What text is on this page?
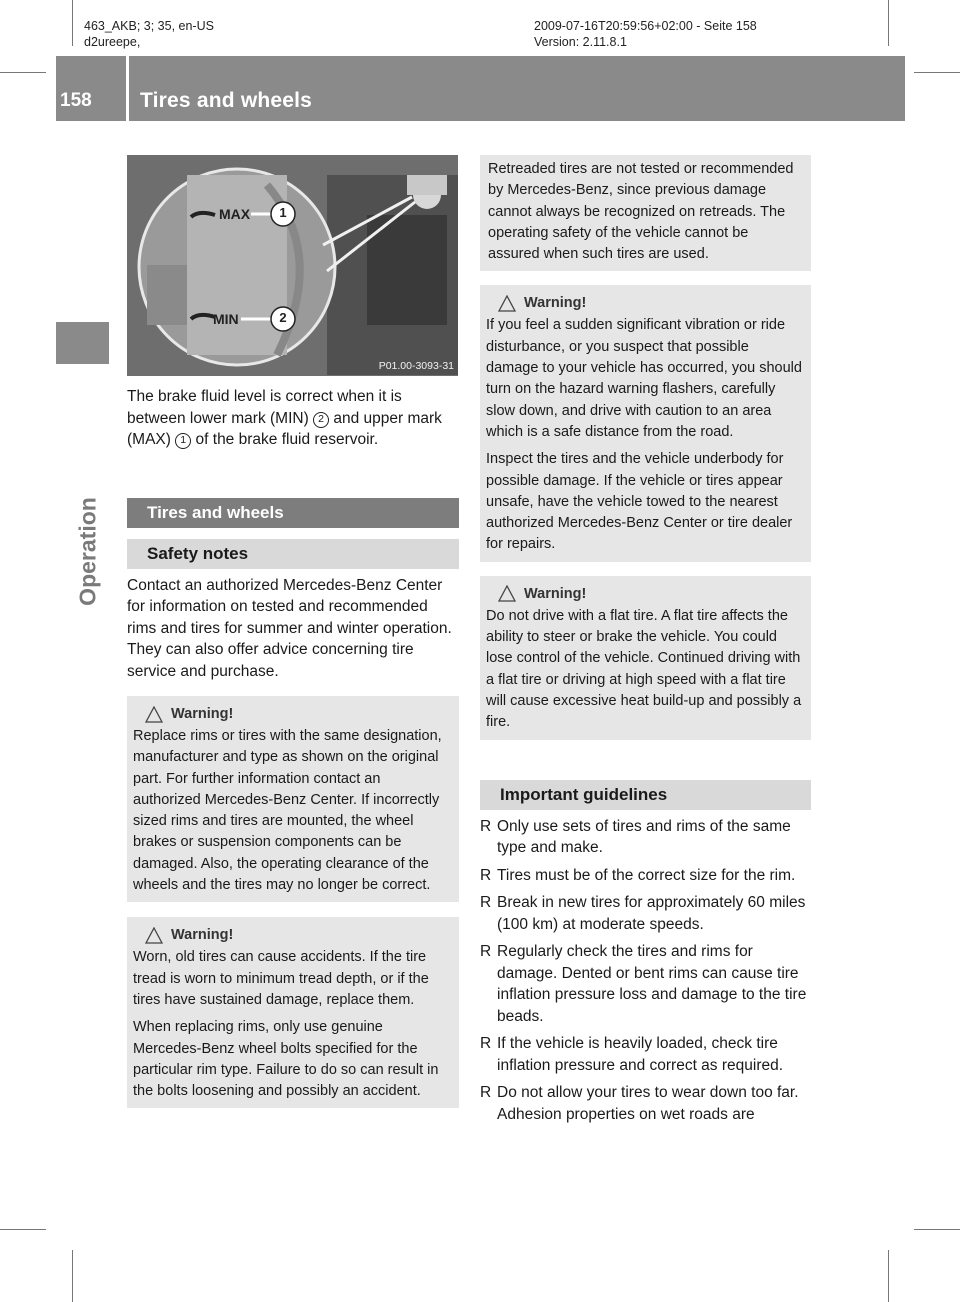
463_AKB; 3; 35, en-US
d2ureepe,
2009-07-16T20:59:56+02:00 - Seite 158
Version: 2.11.8.1
158 Tires and wheels
Operation
MAX
MIN
1
2
P01.00-3093-31

The brake fluid level is correct when it is between lower mark (MIN) 2 and upper mark (MAX) 1 of the brake fluid reservoir.

Tires and wheels
Safety notes

Contact an authorized Mercedes-Benz Center for information on tested and recommended rims and tires for summer and winter operation. They can also offer advice concerning tire service and purchase.

Warning!

Replace rims or tires with the same designation, manufacturer and type as shown on the original part. For further information contact an authorized Mercedes-Benz Center. If incorrectly sized rims and tires are mounted, the wheel brakes or suspension components can be damaged. Also, the operating clearance of the wheels and the tires may no longer be correct.

Warning!

Worn, old tires can cause accidents. If the tire tread is worn to minimum tread depth, or if the tires have sustained damage, replace them.

When replacing rims, only use genuine Mercedes-Benz wheel bolts specified for the particular rim type. Failure to do so can result in the bolts loosening and possibly an accident.

Retreaded tires are not tested or recommended by Mercedes-Benz, since previous damage cannot always be recognized on retreads. The operating safety of the vehicle cannot be assured when such tires are used.

Warning!

If you feel a sudden significant vibration or ride disturbance, or you suspect that possible damage to your vehicle has occurred, you should turn on the hazard warning flashers, carefully slow down, and drive with caution to an area which is a safe distance from the road.

Inspect the tires and the vehicle underbody for possible damage. If the vehicle or tires appear unsafe, have the vehicle towed to the nearest authorized Mercedes-Benz Center or tire dealer for repairs.

Warning!

Do not drive with a flat tire. A flat tire affects the ability to steer or brake the vehicle. You could lose control of the vehicle. Continued driving with a flat tire or driving at high speed with a flat tire will cause excessive heat build-up and possibly a fire.

Important guidelines
R Only use sets of tires and rims of the same type and make.
R Tires must be of the correct size for the rim.
R Break in new tires for approximately 60 miles (100 km) at moderate speeds.
R Regularly check the tires and rims for damage. Dented or bent rims can cause tire inflation pressure loss and damage to the tire beads.
R If the vehicle is heavily loaded, check tire inflation pressure and correct as required.
R Do not allow your tires to wear down too far. Adhesion properties on wet roads are
